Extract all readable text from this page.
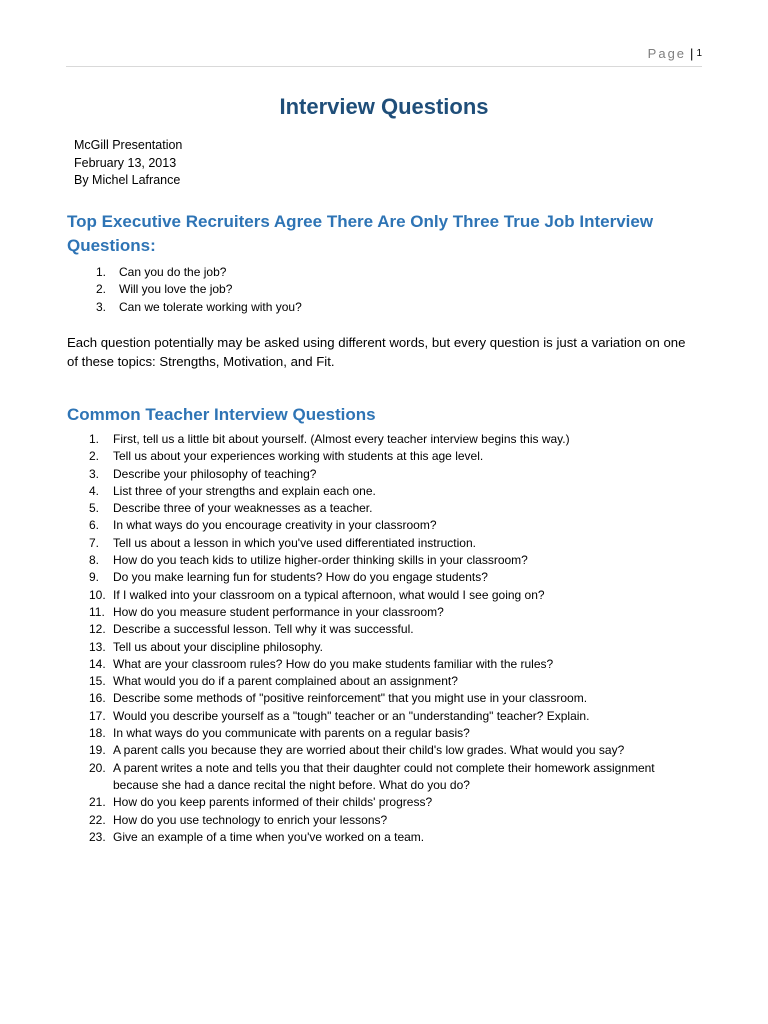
Page | 1
Interview Questions
McGill Presentation
February 13, 2013
By Michel Lafrance
Top Executive Recruiters Agree There Are Only Three True Job Interview Questions:
1. Can you do the job?
2. Will you love the job?
3. Can we tolerate working with you?

Each question potentially may be asked using different words, but every question is just a variation on one of these topics: Strengths, Motivation, and Fit.

Common Teacher Interview Questions
1. First, tell us a little bit about yourself. (Almost every teacher interview begins this way.)
2. Tell us about your experiences working with students at this age level.
3. Describe your philosophy of teaching?
4. List three of your strengths and explain each one.
5. Describe three of your weaknesses as a teacher.
6. In what ways do you encourage creativity in your classroom?
7. Tell us about a lesson in which you've used differentiated instruction.
8. How do you teach kids to utilize higher-order thinking skills in your classroom?
9. Do you make learning fun for students? How do you engage students?
10. If I walked into your classroom on a typical afternoon, what would I see going on?
11. How do you measure student performance in your classroom?
12. Describe a successful lesson. Tell why it was successful.
13. Tell us about your discipline philosophy.
14. What are your classroom rules? How do you make students familiar with the rules?
15. What would you do if a parent complained about an assignment?
16. Describe some methods of "positive reinforcement" that you might use in your classroom.
17. Would you describe yourself as a "tough" teacher or an "understanding" teacher? Explain.
18. In what ways do you communicate with parents on a regular basis?
19. A parent calls you because they are worried about their child's low grades. What would you say?
20. A parent writes a note and tells you that their daughter could not complete their homework assignment because she had a dance recital the night before. What do you do?
21. How do you keep parents informed of their childs' progress?
22. How do you use technology to enrich your lessons?
23. Give an example of a time when you've worked on a team.
